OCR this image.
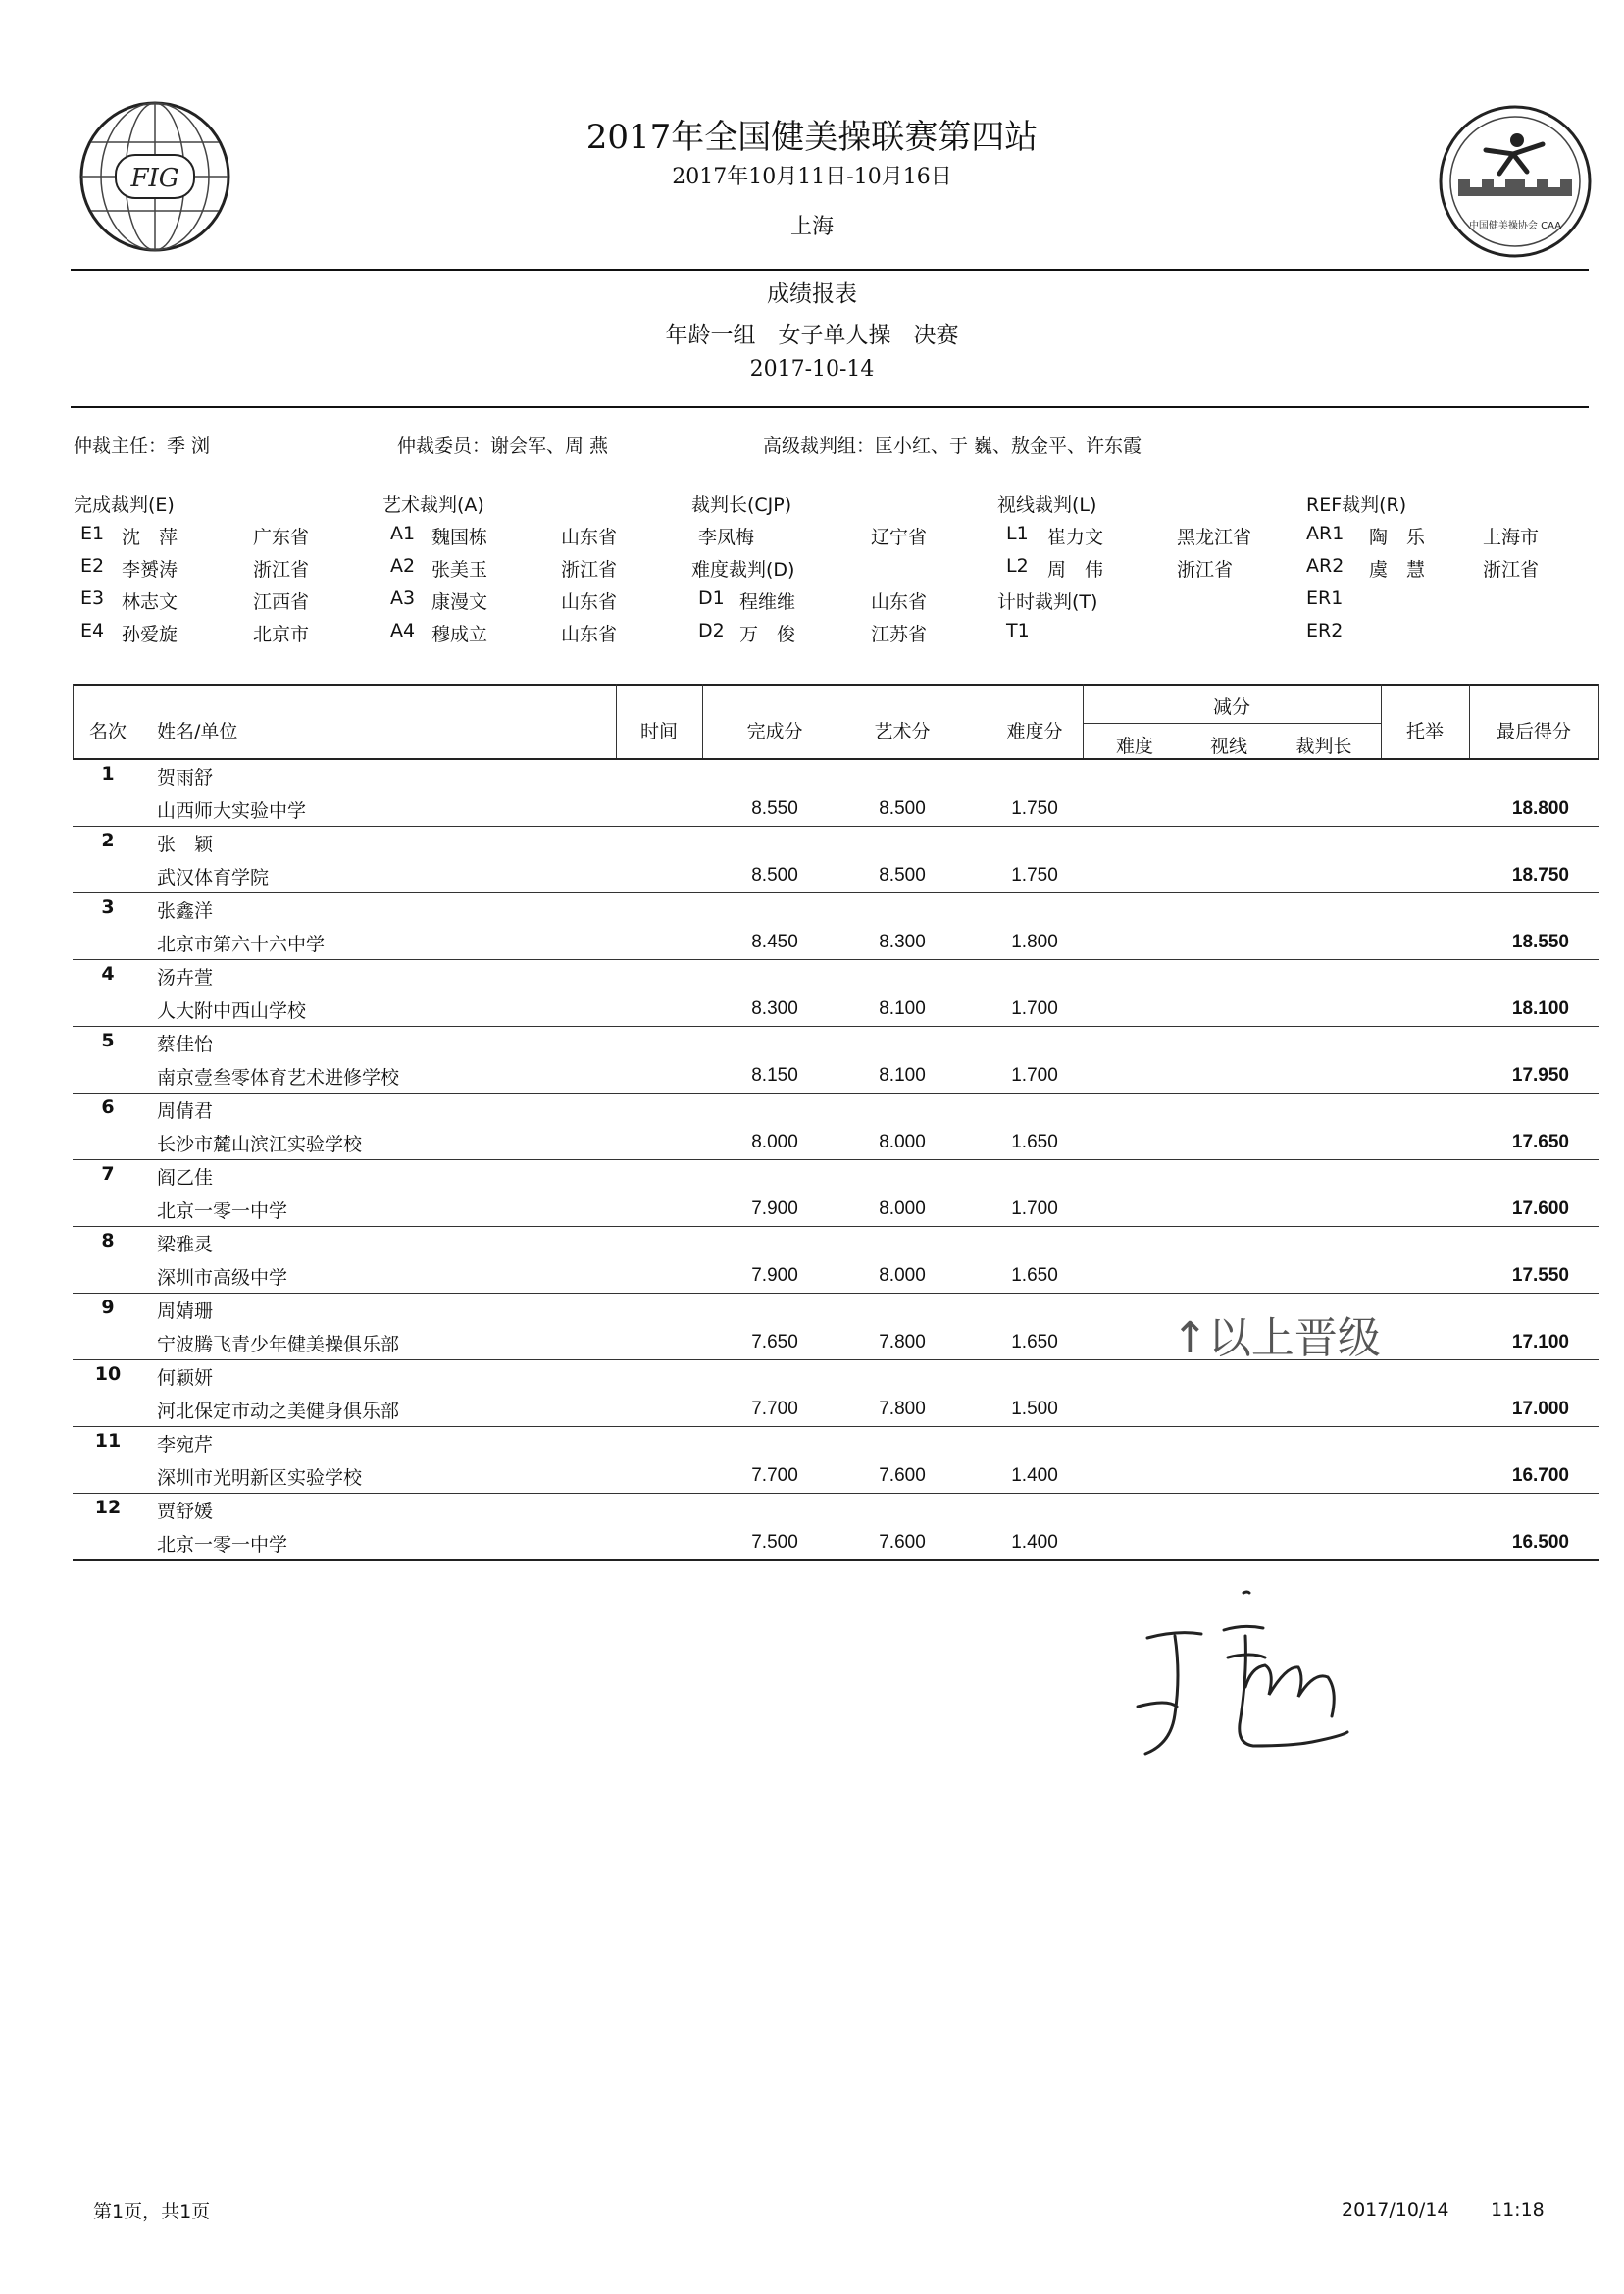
FIG
中国健美操协会 CAA
2017年全国健美操联赛第四站
2017年10月11日-10月16日
上海
成绩报表
年龄一组　女子单人操　决赛
2017-10-14
仲裁主任：季 浏	仲裁委员：谢会军、周 燕	高级裁判组：匡小红、于 巍、敖金平、许东霞
完成裁判(E)
E1 沈　萍	广东省
E2 李赟涛	浙江省
E3 林志文	江西省
E4 孙爱旋	北京市
艺术裁判(A)
A1 魏国栋	山东省
A2 张美玉	浙江省
A3 康漫文	山东省
A4 穆成立	山东省
裁判长(CJP)
李凤梅	辽宁省
难度裁判(D)
D1 程维维	山东省
D2 万　俊	江苏省
视线裁判(L)
L1 崔力文	黑龙江省
L2 周　伟	浙江省
计时裁判(T)
T1
REF裁判(R)
AR1 陶　乐	上海市
AR2 虞　慧	浙江省
ER1
ER2
名次	姓名/单位	时间	完成分	艺术分	难度分
减分
难度	视线	裁判长
托举	最后得分
1	贺雨舒
山西师大实验中学	8.550	8.500	1.750	18.800
2	张　颖
武汉体育学院	8.500	8.500	1.750	18.750
3	张鑫洋
北京市第六十六中学	8.450	8.300	1.800	18.550
4	汤卉萱
人大附中西山学校	8.300	8.100	1.700	18.100
5	蔡佳怡
南京壹叁零体育艺术进修学校	8.150	8.100	1.700	17.950
6	周倩君
长沙市麓山滨江实验学校	8.000	8.000	1.650	17.650
7	阎乙佳
北京一零一中学	7.900	8.000	1.700	17.600
8	梁雅灵
深圳市高级中学	7.900	8.000	1.650	17.550
9	周婧珊
宁波腾飞青少年健美操俱乐部	7.650	7.800	1.650	17.100
10	何颖妍
河北保定市动之美健身俱乐部	7.700	7.800	1.500	17.000
11	李宛芹
深圳市光明新区实验学校	7.700	7.600	1.400	16.700
12	贾舒媛
北京一零一中学	7.500	7.600	1.400	16.500
↑以上晋级
第1页，共1页	2017/10/14 11:18
